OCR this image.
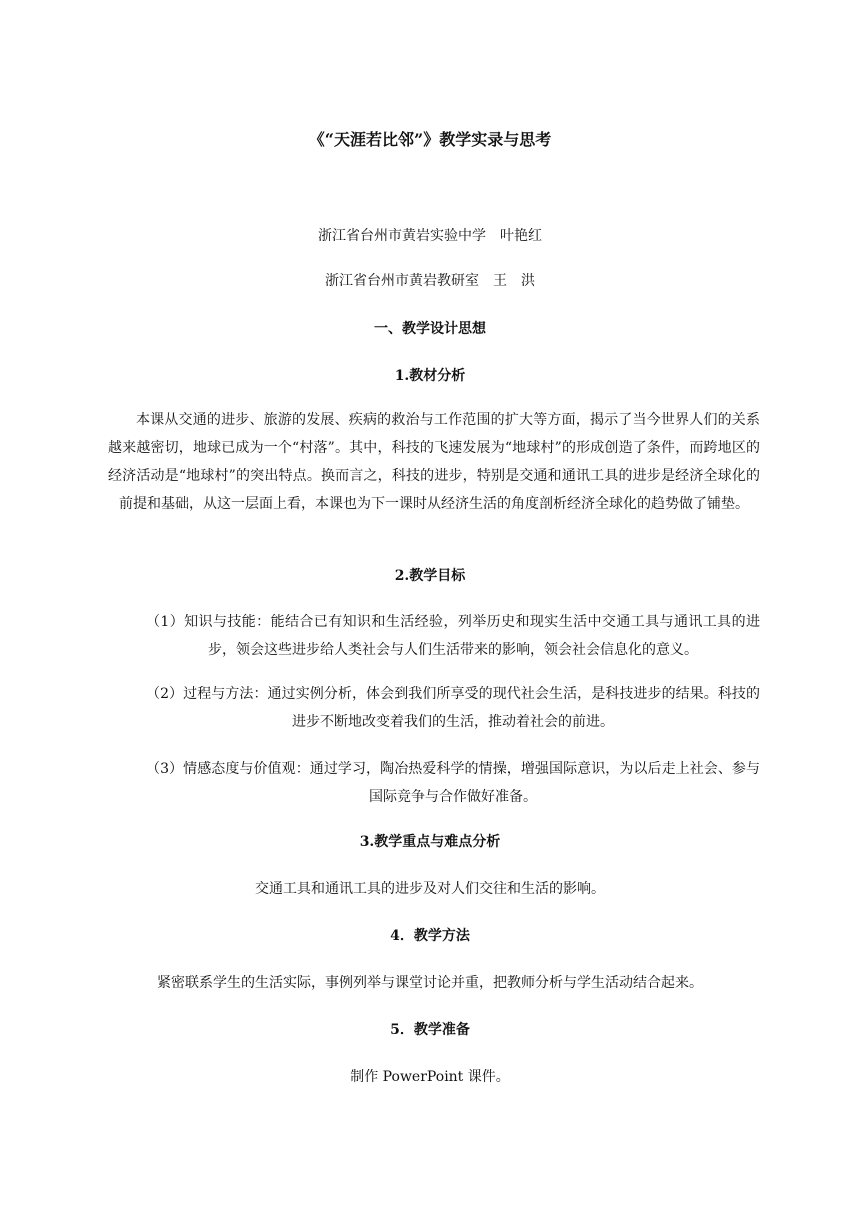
《“天涯若比邻”》教学实录与思考
浙江省台州市黄岩实验中学　叶艳红
浙江省台州市黄岩教研室　王　洪
一、教学设计思想
1.教材分析
本课从交通的进步、旅游的发展、疾病的救治与工作范围的扩大等方面，揭示了当今世界人们的关系越来越密切，地球已成为一个“村落”。其中，科技的飞速发展为“地球村”的形成创造了条件，而跨地区的经济活动是“地球村”的突出特点。换而言之，科技的进步，特别是交通和通讯工具的进步是经济全球化的前提和基础，从这一层面上看，本课也为下一课时从经济生活的角度剖析经济全球化的趋势做了铺垫。
2.教学目标
（1）知识与技能：能结合已有知识和生活经验，列举历史和现实生活中交通工具与通讯工具的进步，领会这些进步给人类社会与人们生活带来的影响，领会社会信息化的意义。
（2）过程与方法：通过实例分析，体会到我们所享受的现代社会生活，是科技进步的结果。科技的进步不断地改变着我们的生活，推动着社会的前进。
（3）情感态度与价值观：通过学习，陶冶热爱科学的情操，增强国际意识，为以后走上社会、参与国际竞争与合作做好准备。
3.教学重点与难点分析
交通工具和通讯工具的进步及对人们交往和生活的影响。
4．教学方法
紧密联系学生的生活实际，事例列举与课堂讨论并重，把教师分析与学生活动结合起来。
5．教学准备
制作 PowerPoint 课件。
